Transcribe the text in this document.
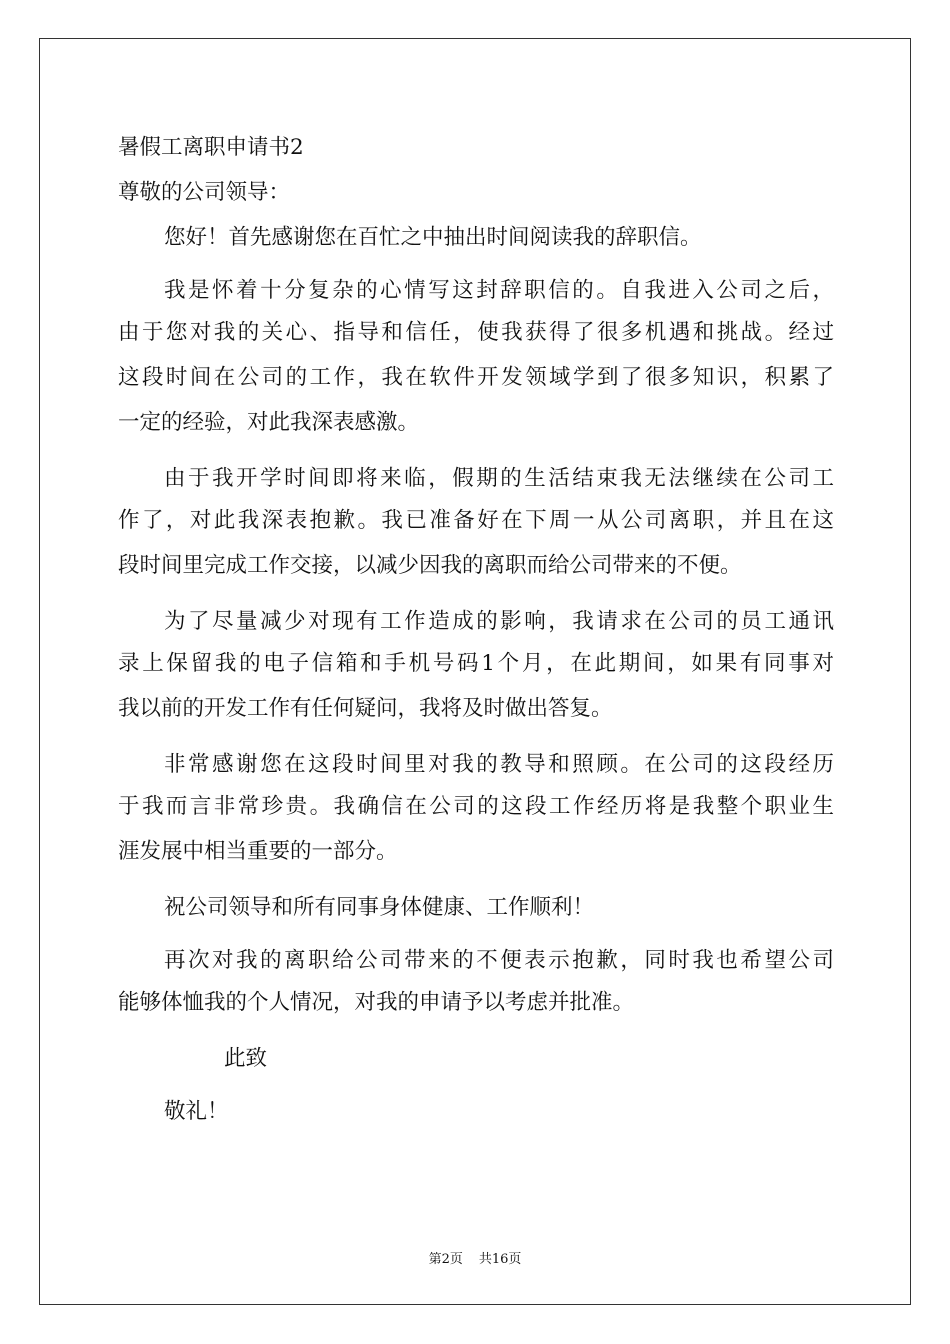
暑假工离职申请书2

尊敬的公司领导：

您好！首先感谢您在百忙之中抽出时间阅读我的辞职信。

我是怀着十分复杂的心情写这封辞职信的。自我进入公司之后，

由于您对我的关心、指导和信任，使我获得了很多机遇和挑战。经过

这段时间在公司的工作，我在软件开发领域学到了很多知识，积累了

一定的经验，对此我深表感激。

由于我开学时间即将来临，假期的生活结束我无法继续在公司工

作了，对此我深表抱歉。我已准备好在下周一从公司离职，并且在这

段时间里完成工作交接，以减少因我的离职而给公司带来的不便。

为了尽量减少对现有工作造成的影响，我请求在公司的员工通讯

录上保留我的电子信箱和手机号码1个月，在此期间，如果有同事对

我以前的开发工作有任何疑问，我将及时做出答复。

非常感谢您在这段时间里对我的教导和照顾。在公司的这段经历

于我而言非常珍贵。我确信在公司的这段工作经历将是我整个职业生

涯发展中相当重要的一部分。

祝公司领导和所有同事身体健康、工作顺利！

再次对我的离职给公司带来的不便表示抱歉，同时我也希望公司

能够体恤我的个人情况，对我的申请予以考虑并批准。

此致

敬礼！

第2页 共16页
